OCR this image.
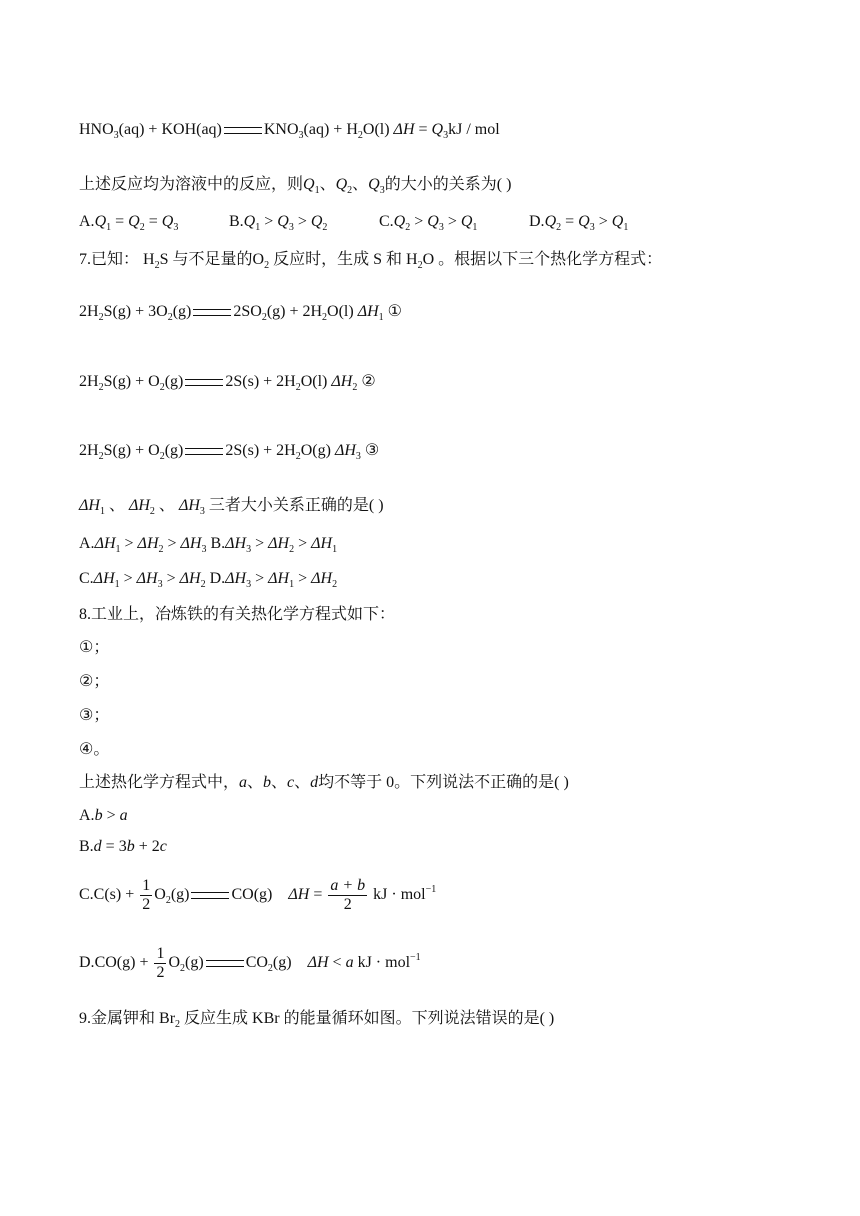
$HNO_3(aq) + KOH(aq)$	$KNO_3(aq) + H_2O(l) \Delta H = Q_3kJ$ / mol
上述反应均为溶液中的反应，则$Q_1$、$Q_2$、$Q_3$的大小的关系为( )
$A.Q_1 = Q_2 = Q_3$	$B.Q_1 > Q_3 > Q_2$	$C.Q_2 > Q_3 > Q_1$	$D.Q_2 = Q_3 > Q_1$
7.已知： $H_2S$ 与不足量的$O_2$ 反应时，生成 S 和 $H_2O$ 。根据以下三个热化学方程式：
$2H_2S(g) + 3O_2(g)$	$2SO_2(g) + 2H_2O(l)$ $\Delta H_1$ ①
$2H_2S(g) + O_2(g)$	$2S(s) + 2H_2O(l)$ $\Delta H_2$ ②
$2H_2S(g) + O_2(g)$	$2S(s) + 2H_2O(g)$ $\Delta H_3$ ③
$\Delta H_1$ 、 $\Delta H_2$ 、 $\Delta H_3$ 三者大小关系正确的是( )
$A.\Delta H_1 > \Delta H_2 > \Delta H_3$ $B.\Delta H_3 > \Delta H_2 > \Delta H_1$
$C.\Delta H_1 > \Delta H_3 > \Delta H_2$ $D.\Delta H_3 > \Delta H_1 > \Delta H_2$
8.工业上，冶炼铁的有关热化学方程式如下：
①；
②；
③；
④。
上述热化学方程式中，a、b、c、d均不等于 0。下列说法不正确的是( )
A.b > a
B.d = 3b + 2c
$C.C(s) + \frac{1}{2} O_2(g)$	CO(g)    $\Delta H = \frac{a + b}{2}$ kJ · mol$^{-1}$
$D.CO(g) + \frac{1}{2} O_2(g)$	$CO_2(g)$    ΔH < a kJ · mol$^{-1}$
9.金属钾和 $Br_2$ 反应生成 KBr 的能量循环如图。下列说法错误的是( )
